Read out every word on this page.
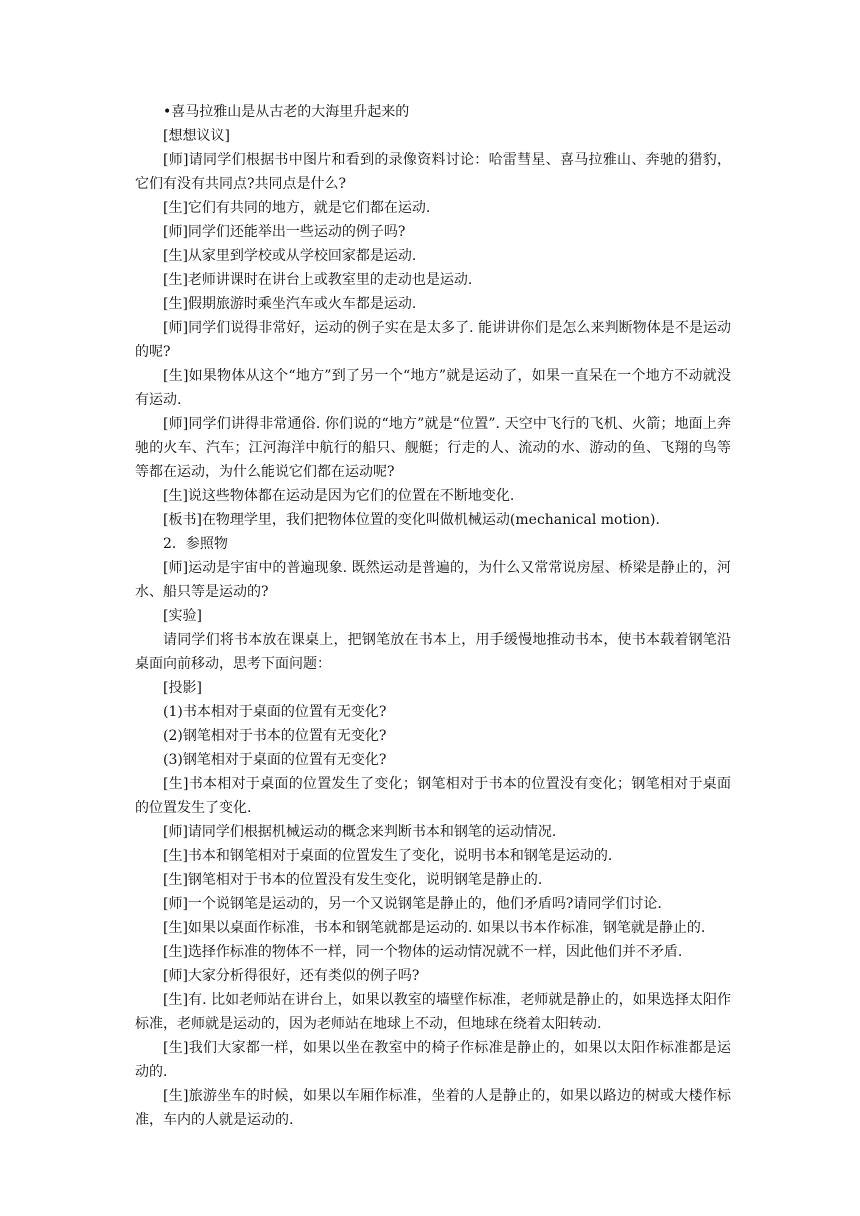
•喜马拉雅山是从古老的大海里升起来的

[想想议议]

[师]请同学们根据书中图片和看到的录像资料讨论：哈雷彗星、喜马拉雅山、奔驰的猎豹，它们有没有共同点?共同点是什么?

[生]它们有共同的地方，就是它们都在运动.

[师]同学们还能举出一些运动的例子吗?

[生]从家里到学校或从学校回家都是运动.

[生]老师讲课时在讲台上或教室里的走动也是运动.

[生]假期旅游时乘坐汽车或火车都是运动.

[师]同学们说得非常好，运动的例子实在是太多了. 能讲讲你们是怎么来判断物体是不是运动的呢?

[生]如果物体从这个“地方”到了另一个“地方”就是运动了，如果一直呆在一个地方不动就没有运动.

[师]同学们讲得非常通俗. 你们说的“地方”就是“位置”. 天空中飞行的飞机、火箭；地面上奔驰的火车、汽车；江河海洋中航行的船只、舰艇；行走的人、流动的水、游动的鱼、飞翔的鸟等等都在运动，为什么能说它们都在运动呢?

[生]说这些物体都在运动是因为它们的位置在不断地变化.

[板书]在物理学里，我们把物体位置的变化叫做机械运动(mechanical motion).

2．参照物

[师]运动是宇宙中的普遍现象. 既然运动是普遍的，为什么又常常说房屋、桥梁是静止的，河水、船只等是运动的?

[实验]

请同学们将书本放在课桌上，把钢笔放在书本上，用手缓慢地推动书本，使书本载着钢笔沿桌面向前移动，思考下面问题：

[投影]

(1)书本相对于桌面的位置有无变化?

(2)钢笔相对于书本的位置有无变化?

(3)钢笔相对于桌面的位置有无变化?

[生]书本相对于桌面的位置发生了变化；钢笔相对于书本的位置没有变化；钢笔相对于桌面的位置发生了变化.

[师]请同学们根据机械运动的概念来判断书本和钢笔的运动情况.

[生]书本和钢笔相对于桌面的位置发生了变化，说明书本和钢笔是运动的.

[生]钢笔相对于书本的位置没有发生变化，说明钢笔是静止的.

[师]一个说钢笔是运动的，另一个又说钢笔是静止的，他们矛盾吗?请同学们讨论.

[生]如果以桌面作标准，书本和钢笔就都是运动的. 如果以书本作标准，钢笔就是静止的.

[生]选择作标准的物体不一样，同一个物体的运动情况就不一样，因此他们并不矛盾.

[师]大家分析得很好，还有类似的例子吗?

[生]有. 比如老师站在讲台上，如果以教室的墙壁作标准，老师就是静止的，如果选择太阳作标准，老师就是运动的，因为老师站在地球上不动，但地球在绕着太阳转动.

[生]我们大家都一样，如果以坐在教室中的椅子作标准是静止的，如果以太阳作标准都是运动的.

[生]旅游坐车的时候，如果以车厢作标准，坐着的人是静止的，如果以路边的树或大楼作标准，车内的人就是运动的.
